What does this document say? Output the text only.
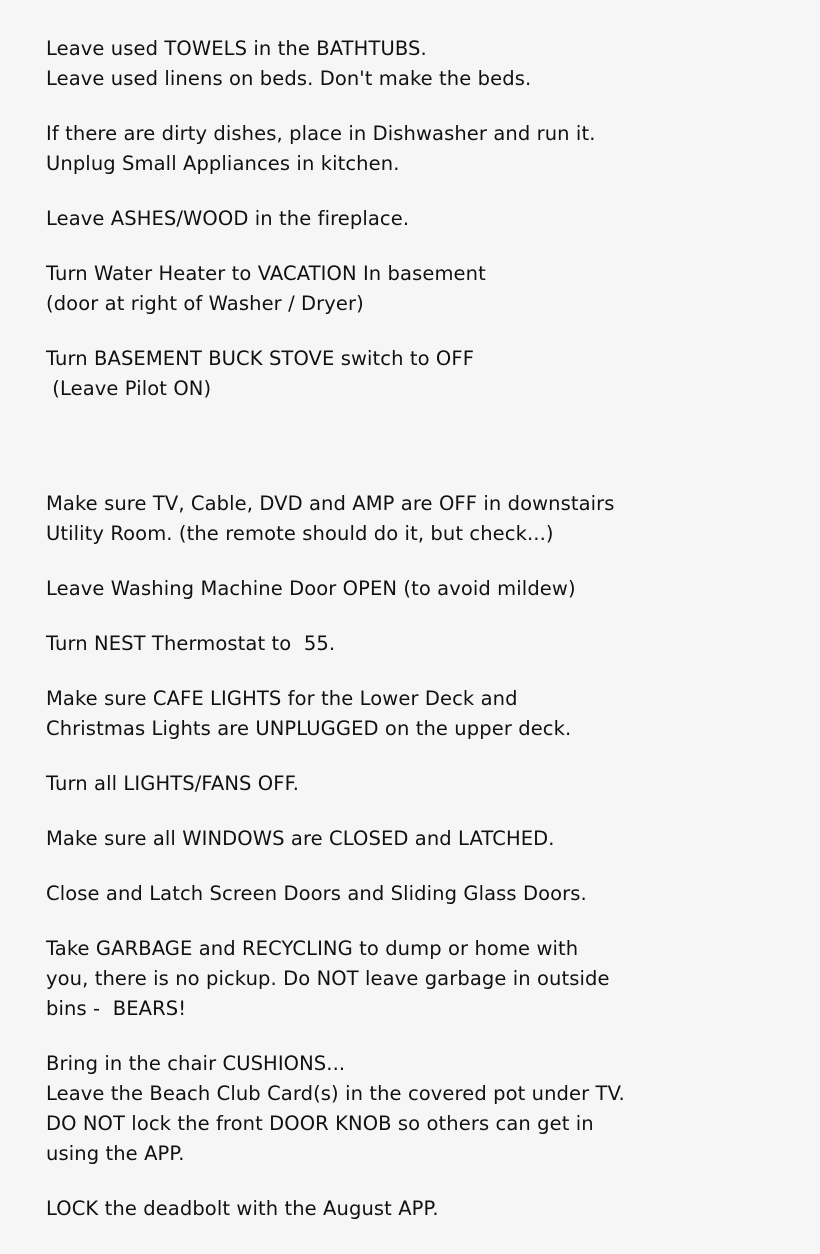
Leave used TOWELS in the BATHTUBS.
Leave used linens on beds. Don't make the beds.
If there are dirty dishes, place in Dishwasher and run it.
Unplug Small Appliances in kitchen.
Leave ASHES/WOOD in the fireplace.
Turn Water Heater to VACATION In basement
(door at right of Washer / Dryer)
Turn BASEMENT BUCK STOVE switch to OFF
(Leave Pilot ON)
Make sure TV, Cable, DVD and AMP are OFF in downstairs
Utility Room. (the remote should do it, but check...)
Leave Washing Machine Door OPEN (to avoid mildew)
Turn NEST Thermostat to  55.
Make sure CAFE LIGHTS for the Lower Deck and
Christmas Lights are UNPLUGGED on the upper deck.
Turn all LIGHTS/FANS OFF.
Make sure all WINDOWS are CLOSED and LATCHED.
Close and Latch Screen Doors and Sliding Glass Doors.
Take GARBAGE and RECYCLING to dump or home with
you, there is no pickup. Do NOT leave garbage in outside
bins -  BEARS!
Bring in the chair CUSHIONS...
Leave the Beach Club Card(s) in the covered pot under TV.
DO NOT lock the front DOOR KNOB so others can get in
using the APP.
LOCK the deadbolt with the August APP.
